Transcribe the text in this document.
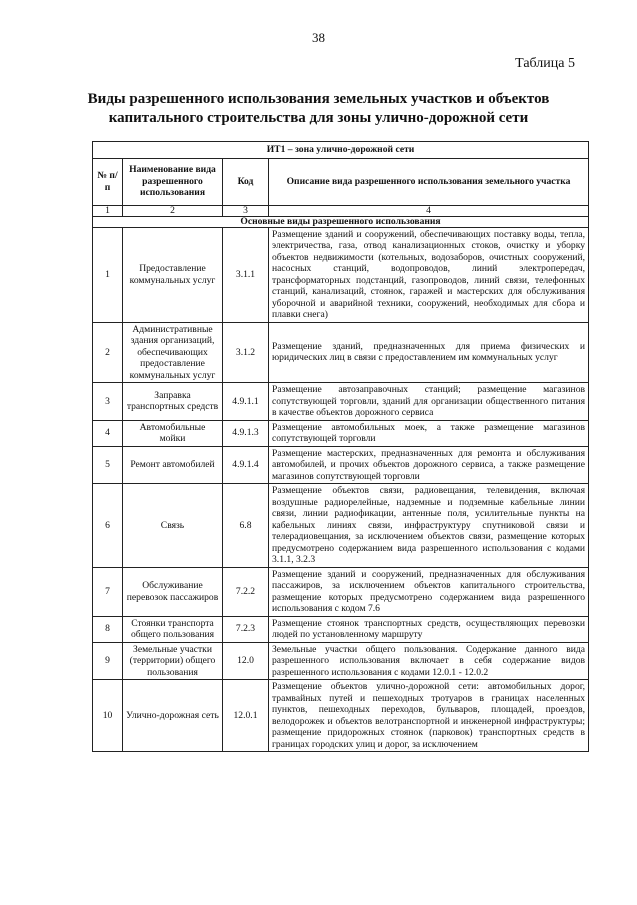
38
Таблица 5
Виды разрешенного использования земельных участков и объектов
капитального строительства для зоны улично-дорожной сети
ИТ1 – зона улично-дорожной сети			
№ п/п	Наименование вида разрешенного использования	Код	Описание вида разрешенного использования земельного участка
1	2	3	4
Основные виды разрешенного использования			
1	Предоставление коммунальных услуг	3.1.1	Размещение зданий и сооружений, обеспечивающих поставку воды, тепла, электричества, газа, отвод канализационных стоков, очистку и уборку объектов недвижимости (котельных, водозаборов, очистных сооружений, насосных станций, водопроводов, линий электропередач, трансформаторных подстанций, газопроводов, линий связи, телефонных станций, канализаций, стоянок, гаражей и мастерских для обслуживания уборочной и аварийной техники, сооружений, необходимых для сбора и плавки снега)
2	Административные здания организаций, обеспечивающих предоставление коммунальных услуг	3.1.2	Размещение зданий, предназначенных для приема физических и юридических лиц в связи с предоставлением им коммунальных услуг
3	Заправка транспортных средств	4.9.1.1	Размещение автозаправочных станций; размещение магазинов сопутствующей торговли, зданий для организации общественного питания в качестве объектов дорожного сервиса
4	Автомобильные мойки	4.9.1.3	Размещение автомобильных моек, а также размещение магазинов сопутствующей торговли
5	Ремонт автомобилей	4.9.1.4	Размещение мастерских, предназначенных для ремонта и обслуживания автомобилей, и прочих объектов дорожного сервиса, а также размещение магазинов сопутствующей торговли
6	Связь	6.8	Размещение объектов связи, радиовещания, телевидения, включая воздушные радиорелейные, надземные и подземные кабельные линии связи, линии радиофикации, антенные поля, усилительные пункты на кабельных линиях связи, инфраструктуру спутниковой связи и телерадиовещания, за исключением объектов связи, размещение которых предусмотрено содержанием вида разрешенного использования с кодами 3.1.1, 3.2.3
7	Обслуживание перевозок пассажиров	7.2.2	Размещение зданий и сооружений, предназначенных для обслуживания пассажиров, за исключением объектов капитального строительства, размещение которых предусмотрено содержанием вида разрешенного использования с кодом 7.6
8	Стоянки транспорта общего пользования	7.2.3	Размещение стоянок транспортных средств, осуществляющих перевозки людей по установленному маршруту
9	Земельные участки (территории) общего пользования	12.0	Земельные участки общего пользования. Содержание данного вида разрешенного использования включает в себя содержание видов разрешенного использования с кодами 12.0.1 - 12.0.2
10	Улично-дорожная сеть	12.0.1	Размещение объектов улично-дорожной сети: автомобильных дорог, трамвайных путей и пешеходных тротуаров в границах населенных пунктов, пешеходных переходов, бульваров, площадей, проездов, велодорожек и объектов велотранспортной и инженерной инфраструктуры; размещение придорожных стоянок (парковок) транспортных средств в границах городских улиц и дорог, за исключением
